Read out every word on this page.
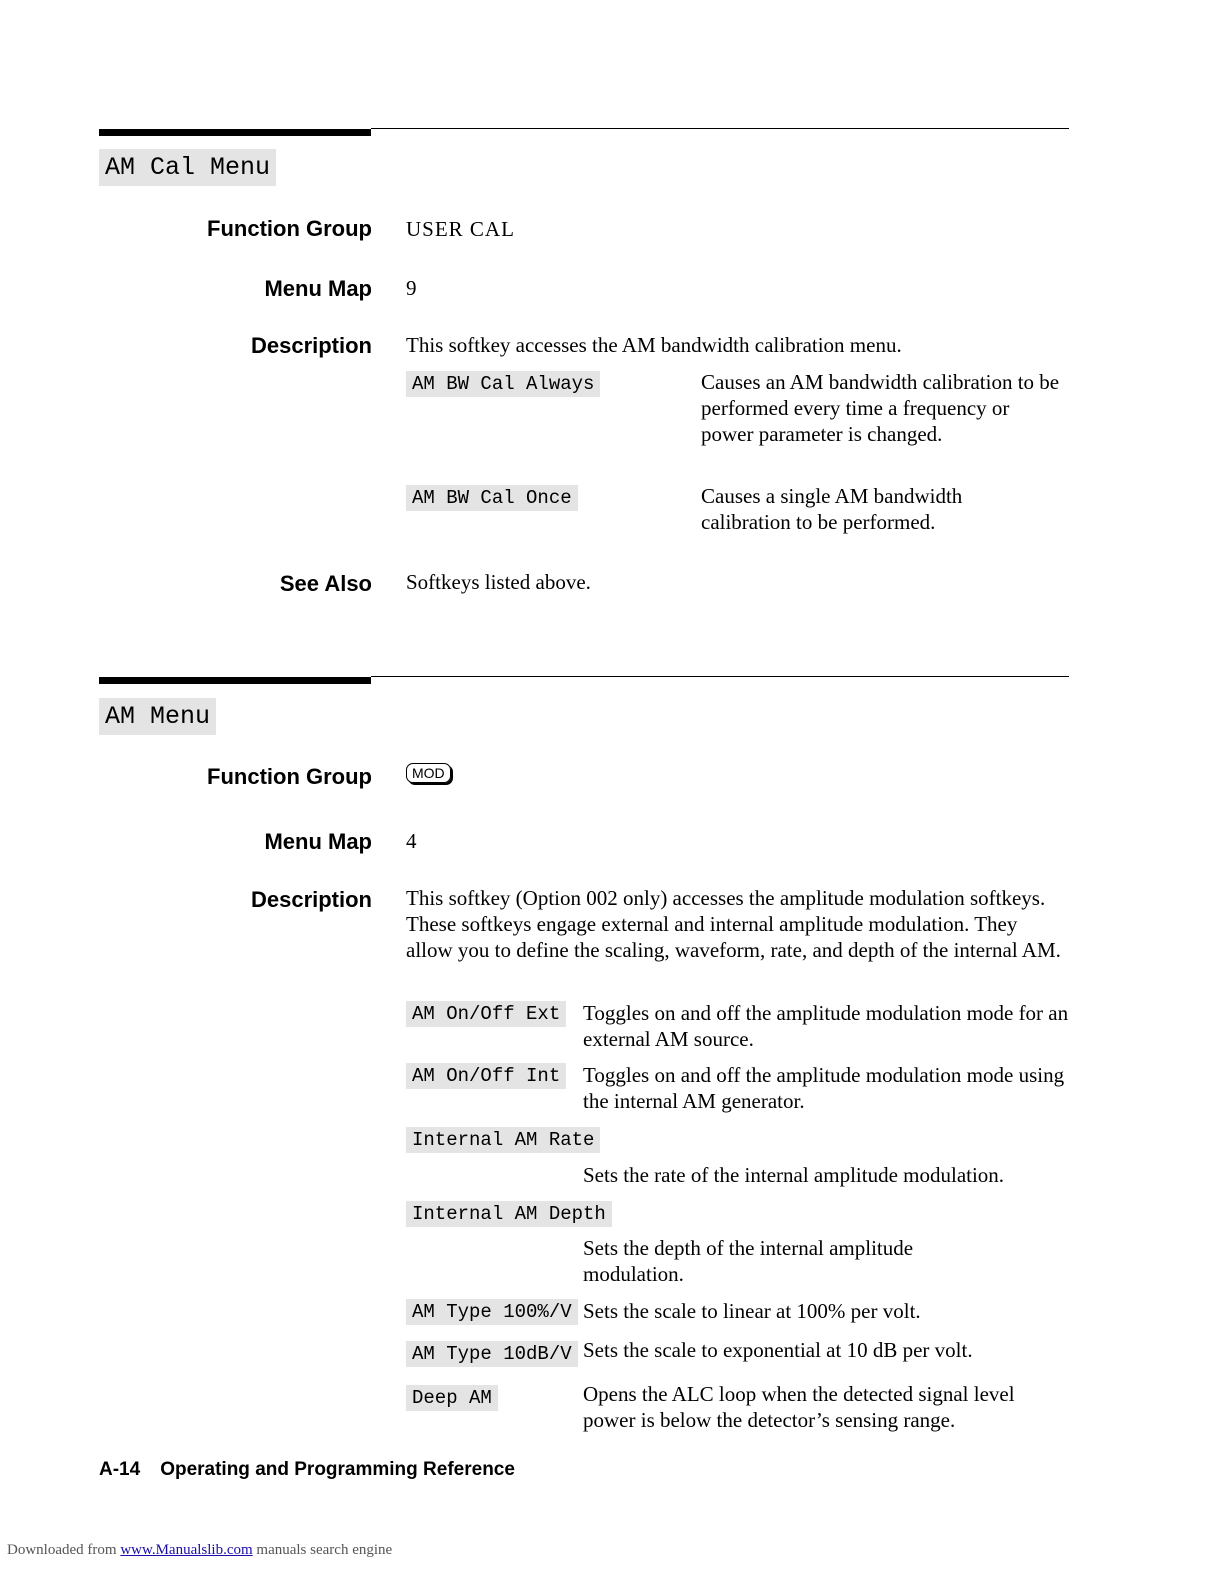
AM Cal Menu
Function Group USER CAL
Menu Map 9
Description This softkey accesses the AM bandwidth calibration menu.
AM BW Cal Always	Causes an AM bandwidth calibration to be performed every time a frequency or power parameter is changed.
AM BW Cal Once	Causes a single AM bandwidth calibration to be performed.
See Also Softkeys listed above.
AM Menu
Function Group	MOD
Menu Map 4
Description This softkey (Option 002 only) accesses the amplitude modulation softkeys. These softkeys engage external and internal amplitude modulation. They allow you to define the scaling, waveform, rate, and depth of the internal AM.
AM On/Off Ext Toggles on and off the amplitude modulation mode for an external AM source.
AM On/Off Int Toggles on and off the amplitude modulation mode using the internal AM generator.
Internal AM Rate
Sets the rate of the internal amplitude modulation.
Internal AM Depth
Sets the depth of the internal amplitude modulation.
AM Type 100%/V Sets the scale to linear at 100% per volt.
AM Type 10dB/V Sets the scale to exponential at 10 dB per volt.
Deep AM	Opens the ALC loop when the detected signal level power is below the detector’s sensing range.
A-14 Operating and Programming Reference
Downloaded from www.Manualslib.com manuals search engine
